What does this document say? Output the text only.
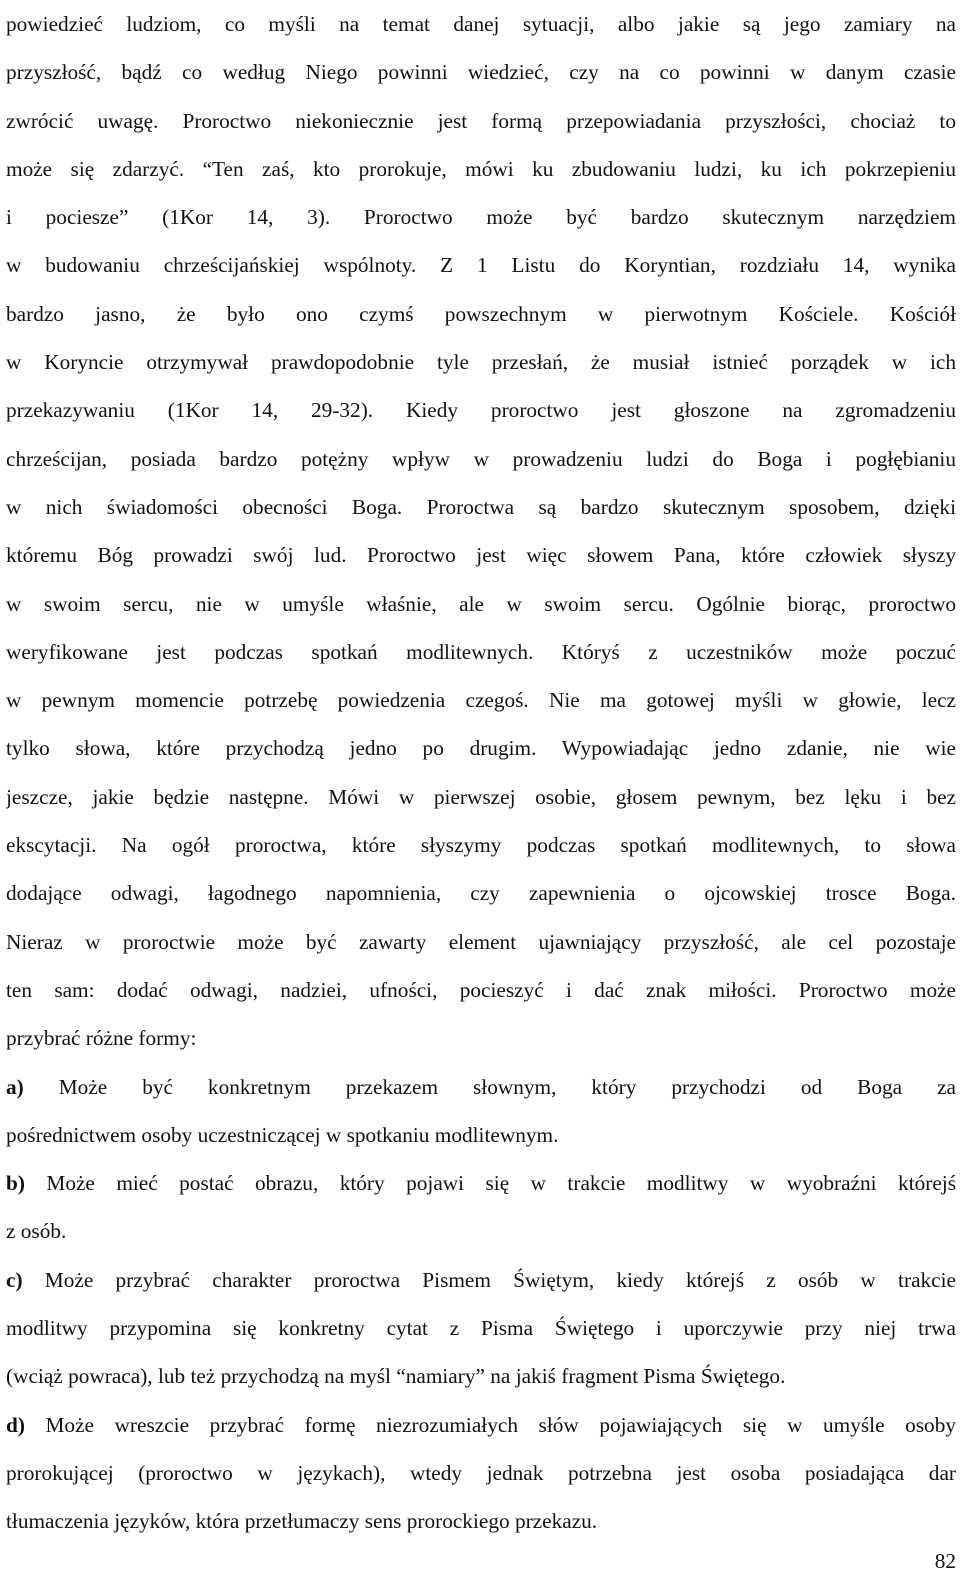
powiedzieć ludziom, co myśli na temat danej sytuacji, albo jakie są jego zamiary na
przyszłość, bądź co według Niego powinni wiedzieć, czy na co powinni w danym czasie
zwrócić uwagę. Proroctwo niekoniecznie jest formą przepowiadania przyszłości, chociaż to
może się zdarzyć. “Ten zaś, kto prorokuje, mówi ku zbudowaniu ludzi, ku ich pokrzepieniu
i pociesze” (1Kor 14, 3). Proroctwo może być bardzo skutecznym narzędziem
w budowaniu chrześcijańskiej wspólnoty. Z 1 Listu do Koryntian, rozdziału 14, wynika
bardzo jasno, że było ono czymś powszechnym w pierwotnym Kościele. Kościół
w Koryncie otrzymywał prawdopodobnie tyle przesłań, że musiał istnieć porządek w ich
przekazywaniu (1Kor 14, 29-32). Kiedy proroctwo jest głoszone na zgromadzeniu
chrześcijan, posiada bardzo potężny wpływ w prowadzeniu ludzi do Boga i pogłębianiu
w nich świadomości obecności Boga. Proroctwa są bardzo skutecznym sposobem, dzięki
któremu Bóg prowadzi swój lud. Proroctwo jest więc słowem Pana, które człowiek słyszy
w swoim sercu, nie w umyśle właśnie, ale w swoim sercu. Ogólnie biorąc, proroctwo
weryfikowane jest podczas spotkań modlitewnych. Któryś z uczestników może poczuć
w pewnym momencie potrzebę powiedzenia czegoś. Nie ma gotowej myśli w głowie, lecz
tylko słowa, które przychodzą jedno po drugim. Wypowiadając jedno zdanie, nie wie
jeszcze, jakie będzie następne. Mówi w pierwszej osobie, głosem pewnym, bez lęku i bez
ekscytacji. Na ogół proroctwa, które słyszymy podczas spotkań modlitewnych, to słowa
dodające odwagi, łagodnego napomnienia, czy zapewnienia o ojcowskiej trosce Boga.
Nieraz w proroctwie może być zawarty element ujawniający przyszłość, ale cel pozostaje
ten sam: dodać odwagi, nadziei, ufności, pocieszyć i dać znak miłości. Proroctwo może
przybrać różne formy:
a) Może być konkretnym przekazem słownym, który przychodzi od Boga za
pośrednictwem osoby uczestniczącej w spotkaniu modlitewnym.
b) Może mieć postać obrazu, który pojawi się w trakcie modlitwy w wyobraźni którejś
z osób.
c) Może przybrać charakter proroctwa Pismem Świętym, kiedy którejś z osób w trakcie
modlitwy przypomina się konkretny cytat z Pisma Świętego i uporczywie przy niej trwa
(wciąż powraca), lub też przychodzą na myśl “namiary” na jakiś fragment Pisma Świętego.
d) Może wreszcie przybrać formę niezrozumiałych słów pojawiających się w umyśle osoby
prorokującej (proroctwo w językach), wtedy jednak potrzebna jest osoba posiadająca dar
tłumaczenia języków, która przetłumaczy sens prorockiego przekazu.
82
